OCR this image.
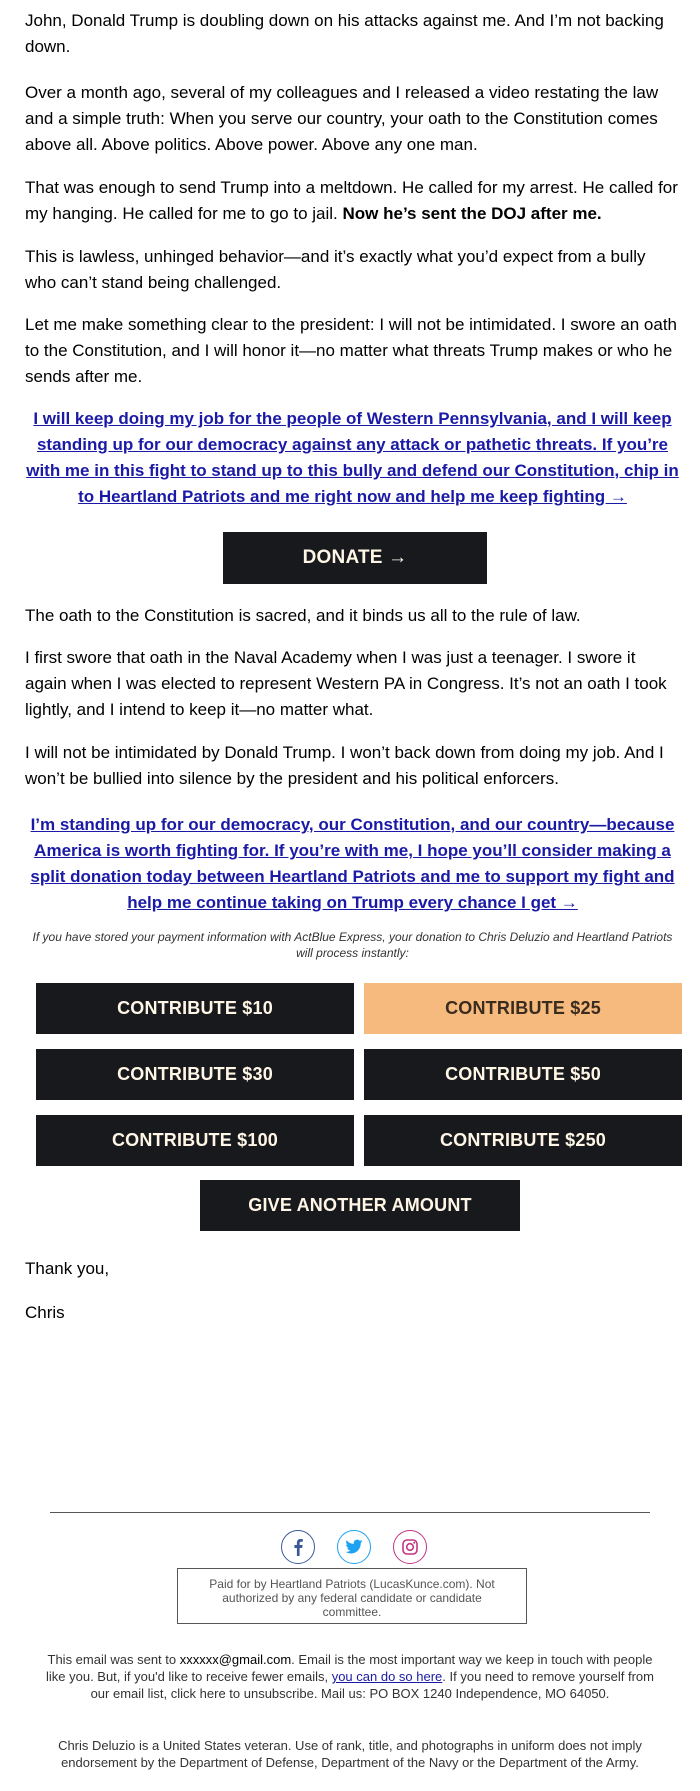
John, Donald Trump is doubling down on his attacks against me. And I’m not backing down.

Over a month ago, several of my colleagues and I released a video restating the law and a simple truth: When you serve our country, your oath to the Constitution comes above all. Above politics. Above power. Above any one man.

That was enough to send Trump into a meltdown. He called for my arrest. He called for my hanging. He called for me to go to jail. Now he’s sent the DOJ after me.

This is lawless, unhinged behavior—and it’s exactly what you’d expect from a bully who can’t stand being challenged.

Let me make something clear to the president: I will not be intimidated. I swore an oath to the Constitution, and I will honor it—no matter what threats Trump makes or who he sends after me.

I will keep doing my job for the people of Western Pennsylvania, and I will keep standing up for our democracy against any attack or pathetic threats. If you’re with me in this fight to stand up to this bully and defend our Constitution, chip in to Heartland Patriots and me right now and help me keep fighting →

DONATE →

The oath to the Constitution is sacred, and it binds us all to the rule of law.

I first swore that oath in the Naval Academy when I was just a teenager. I swore it again when I was elected to represent Western PA in Congress. It’s not an oath I took lightly, and I intend to keep it—no matter what.

I will not be intimidated by Donald Trump. I won’t back down from doing my job. And I won’t be bullied into silence by the president and his political enforcers.

I’m standing up for our democracy, our Constitution, and our country—because America is worth fighting for. If you’re with me, I hope you’ll consider making a split donation today between Heartland Patriots and me to support my fight and help me continue taking on Trump every chance I get →

If you have stored your payment information with ActBlue Express, your donation to Chris Deluzio and Heartland Patriots will process instantly:
CONTRIBUTE $10	CONTRIBUTE $25
CONTRIBUTE $30	CONTRIBUTE $50
CONTRIBUTE $100	CONTRIBUTE $250
GIVE ANOTHER AMOUNT

Thank you,

Chris

Paid for by Heartland Patriots (LucasKunce.com). Not authorized by any federal candidate or candidate committee.

This email was sent to xxxxxx@gmail.com. Email is the most important way we keep in touch with people like you. But, if you'd like to receive fewer emails, you can do so here. If you need to remove yourself from our email list, click here to unsubscribe. Mail us: PO BOX 1240 Independence, MO 64050.

Chris Deluzio is a United States veteran. Use of rank, title, and photographs in uniform does not imply endorsement by the Department of Defense, Department of the Navy or the Department of the Army.
